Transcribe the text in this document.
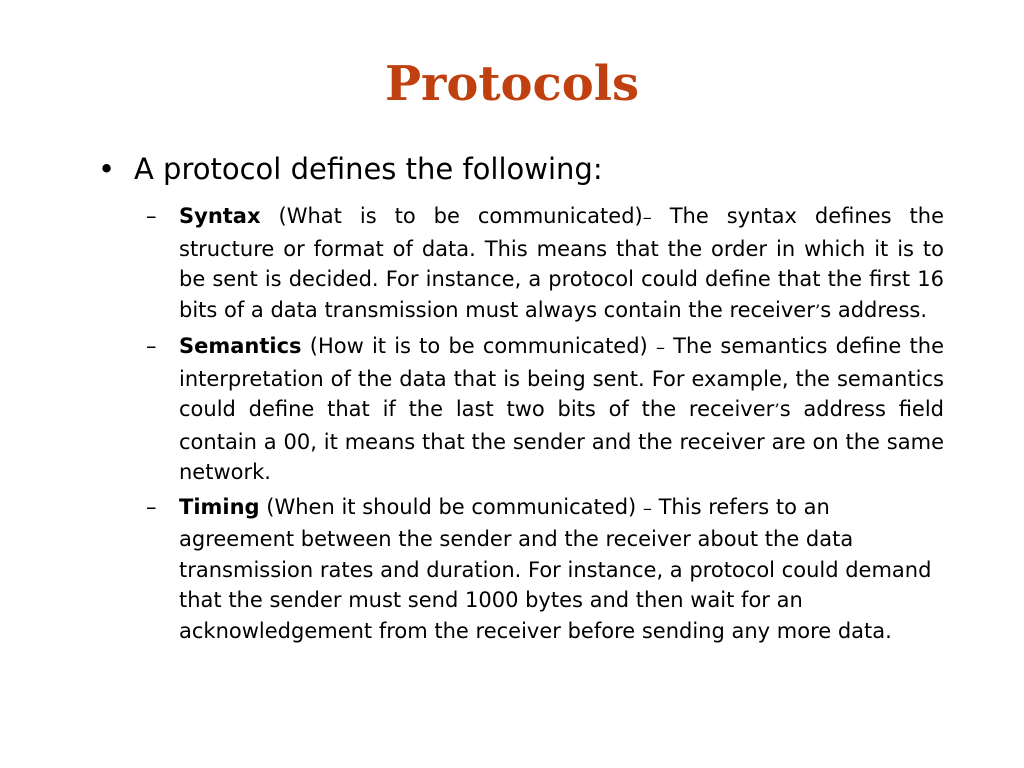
Protocols
• A protocol defines the following:
–	Syntax (What is to be communicated)– The syntax defines the structure or format of data. This means that the order in which it is to be sent is decided. For instance, a protocol could define that the first 16 bits of a data transmission must always contain the receiver’s address.
–	Semantics (How it is to be communicated) – The semantics define the interpretation of the data that is being sent. For example, the semantics could define that if the last two bits of the receiver’s address field contain a 00, it means that the sender and the receiver are on the same network.
–	Timing (When it should be communicated) – This refers to an agreement between the sender and the receiver about the data transmission rates and duration. For instance, a protocol could demand that the sender must send 1000 bytes and then wait for an acknowledgement from the receiver before sending any more data.
